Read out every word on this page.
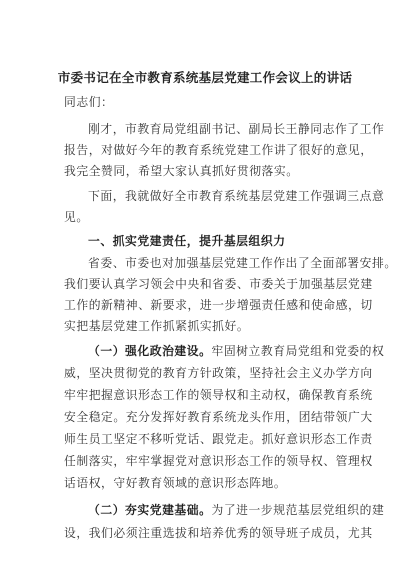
市委书记在全市教育系统基层党建工作会议上的讲话
同志们：
刚才，市教育局党组副书记、副局长王静同志作了工作
报告，对做好今年的教育系统党建工作讲了很好的意见，
我完全赞同，希望大家认真抓好贯彻落实。
下面，我就做好全市教育系统基层党建工作强调三点意
见。
一、抓实党建责任，提升基层组织力
省委、市委也对加强基层党建工作作出了全面部署安排。
我们要认真学习领会中央和省委、市委关于加强基层党建
工作的新精神、新要求，进一步增强责任感和使命感，切
实把基层党建工作抓紧抓实抓好。
（一）强化政治建设。牢固树立教育局党组和党委的权
威，坚决贯彻党的教育方针政策，坚持社会主义办学方向
牢牢把握意识形态工作的领导权和主动权，确保教育系统
安全稳定。充分发挥好教育系统龙头作用，团结带领广大
师生员工坚定不移听党话、跟党走。抓好意识形态工作责
任制落实，牢牢掌握党对意识形态工作的领导权、管理权
话语权，守好教育领域的意识形态阵地。
（二）夯实党建基础。为了进一步规范基层党组织的建
设，我们必须注重选拔和培养优秀的领导班子成员，尤其
